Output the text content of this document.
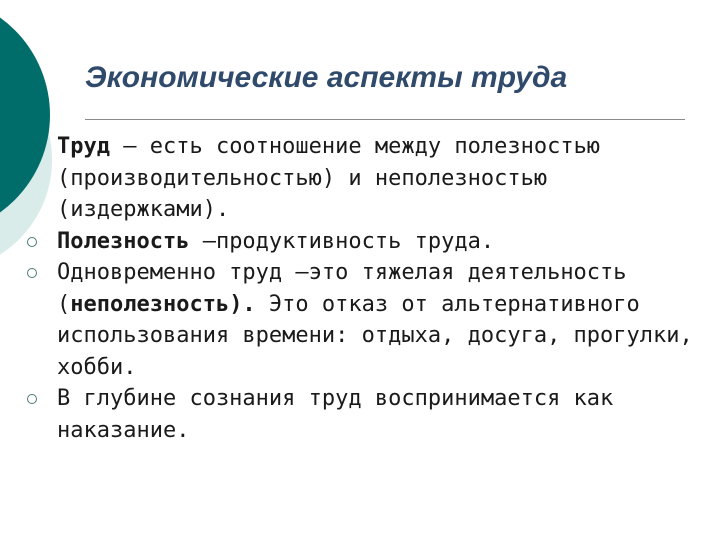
Экономические аспекты труда
Труд – есть соотношение между полезностью (производительностью) и неполезностью (издержками).
Полезность –продуктивность труда.
Одновременно труд –это тяжелая деятельность (неполезность). Это отказ от альтернативного использования времени: отдыха, досуга, прогулки, хобби.
В глубине сознания труд воспринимается как наказание.
